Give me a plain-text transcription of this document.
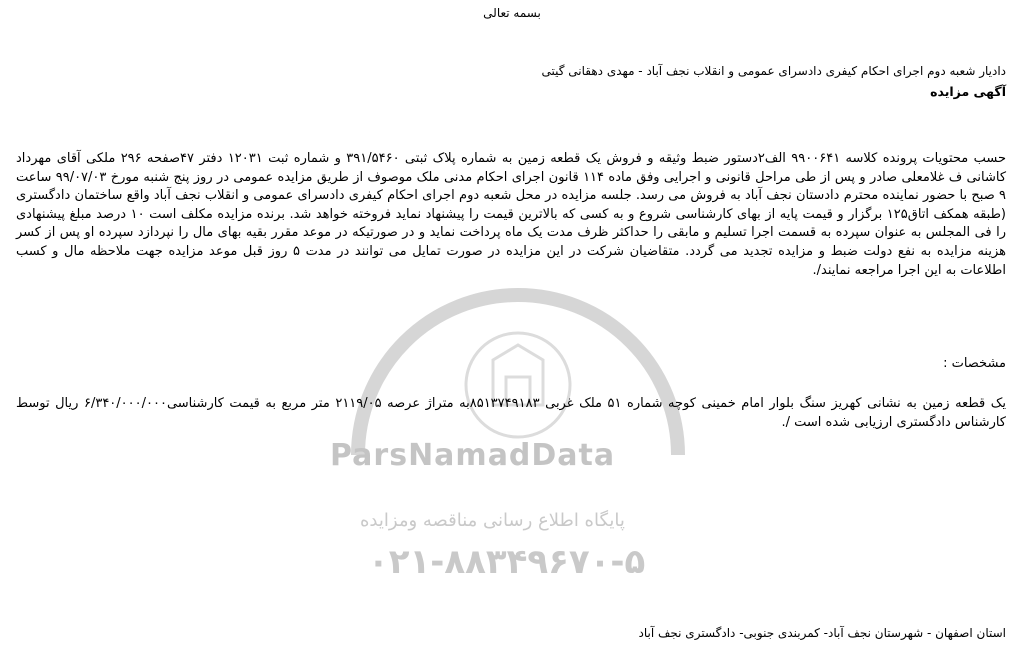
ParsNamadData
پایگاه اطلاع رسانی مناقصه ومزایده
۰۲۱-۸۸۳۴۹۶۷۰-۵
بسمه تعالی
دادیار شعبه دوم اجرای احکام کیفری دادسرای عمومی و انقلاب نجف آباد - مهدی دهقانی گیتی
آگهی مزایده
حسب محتویات پرونده کلاسه ۹۹۰۰۶۴۱ الف۲دستور ضبط وثیقه و فروش یک قطعه زمین به شماره پلاک ثبتی ۳۹۱/۵۴۶۰ و شماره ثبت ۱۲۰۳۱ دفتر ۴۷صفحه ۲۹۶ ملکی آقای مهرداد کاشانی ف غلامعلی صادر و پس از طی مراحل قانونی و اجرایی وفق ماده ۱۱۴ قانون اجرای احکام مدنی ملک موصوف از طریق مزایده عمومی در روز پنج شنبه مورخ ۹۹/۰۷/۰۳ ساعت ۹ صبح با حضور نماینده محترم دادستان نجف آباد به فروش می رسد. جلسه مزایده در محل شعبه دوم اجرای احکام کیفری دادسرای عمومی و انقلاب نجف آباد واقع ساختمان دادگستری (طبقه همکف اتاق۱۲۵ برگزار و قیمت پایه از بهای کارشناسی شروع و به کسی که بالاترین قیمت را پیشنهاد نماید فروخته خواهد شد. برنده مزایده مکلف است ۱۰ درصد مبلغ پیشنهادی را فی المجلس به عنوان سپرده به قسمت اجرا تسلیم و مابقی را حداکثر ظرف مدت یک ماه پرداخت نماید و در صورتیکه در موعد مقرر بقیه بهای مال را نپردازد سپرده او پس از کسر هزینه مزایده به نفع دولت ضبط و مزایده تجدید می گردد. متقاضیان شرکت در این مزایده در صورت تمایل می توانند در مدت ۵ روز قبل موعد مزایده جهت ملاحظه مال و کسب اطلاعات به این اجرا مراجعه نمایند/.
مشخصات :
یک قطعه زمین به نشانی کهریز سنگ بلوار امام خمینی کوچه شماره ۵۱ ملک غربی ۸۵۱۳۷۴۹۱۸۳به متراژ عرصه ۲۱۱۹/۰۵ متر مربع به قیمت کارشناسی۶/۳۴۰/۰۰۰/۰۰۰ ریال توسط کارشناس دادگستری ارزیابی شده است /.
استان اصفهان - شهرستان نجف آباد- کمربندی جنوبی- دادگستری نجف آباد
